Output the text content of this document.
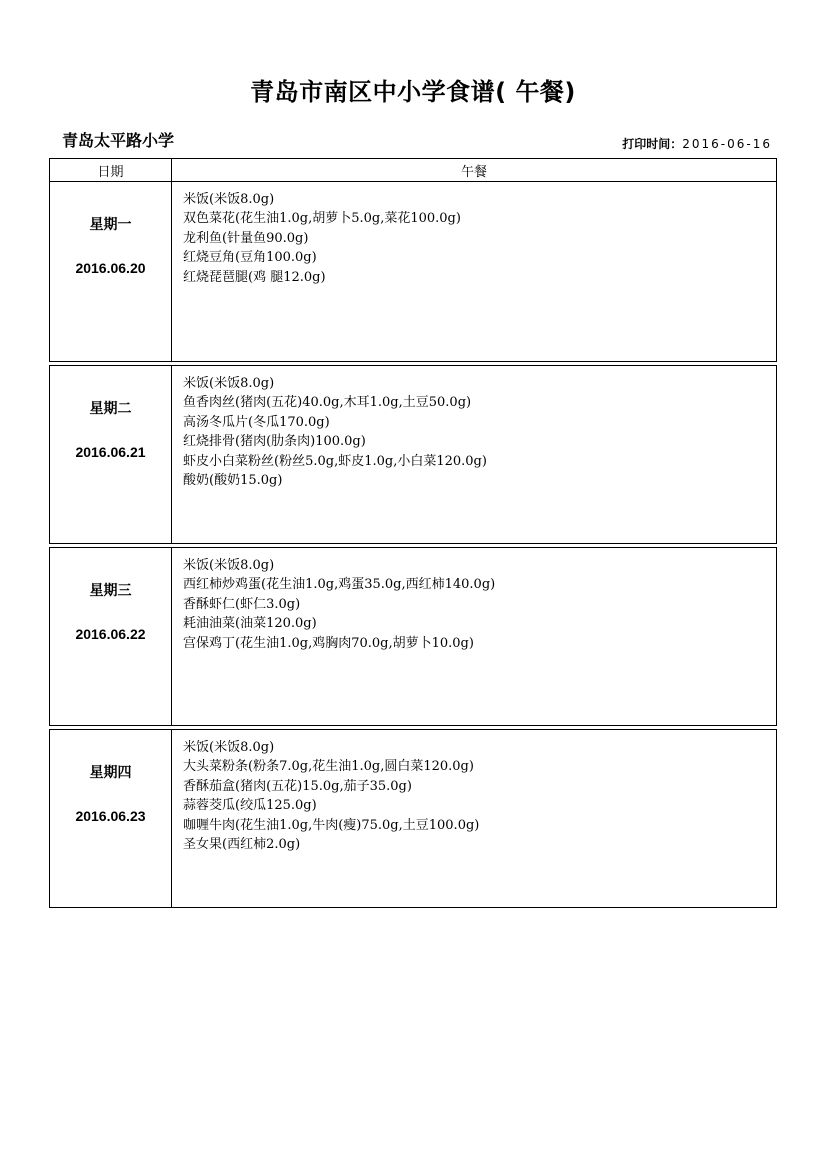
青岛市南区中小学食谱( 午餐)
青岛太平路小学	打印时间：2016-06-16
日期	午餐
星期一
2016.06.20
米饭(米饭8.0g)
双色菜花(花生油1.0g,胡萝卜5.0g,菜花100.0g)
龙利鱼(针量鱼90.0g)
红烧豆角(豆角100.0g)
红烧琵琶腿(鸡 腿12.0g)
星期二
2016.06.21
米饭(米饭8.0g)
鱼香肉丝(猪肉(五花)40.0g,木耳1.0g,土豆50.0g)
高汤冬瓜片(冬瓜170.0g)
红烧排骨(猪肉(肋条肉)100.0g)
虾皮小白菜粉丝(粉丝5.0g,虾皮1.0g,小白菜120.0g)
酸奶(酸奶15.0g)
星期三
2016.06.22
米饭(米饭8.0g)
西红柿炒鸡蛋(花生油1.0g,鸡蛋35.0g,西红柿140.0g)
香酥虾仁(虾仁3.0g)
耗油油菜(油菜120.0g)
宫保鸡丁(花生油1.0g,鸡胸肉70.0g,胡萝卜10.0g)
星期四
2016.06.23
米饭(米饭8.0g)
大头菜粉条(粉条7.0g,花生油1.0g,圆白菜120.0g)
香酥茄盒(猪肉(五花)15.0g,茄子35.0g)
蒜蓉茭瓜(绞瓜125.0g)
咖喱牛肉(花生油1.0g,牛肉(瘦)75.0g,土豆100.0g)
圣女果(西红柿2.0g)
